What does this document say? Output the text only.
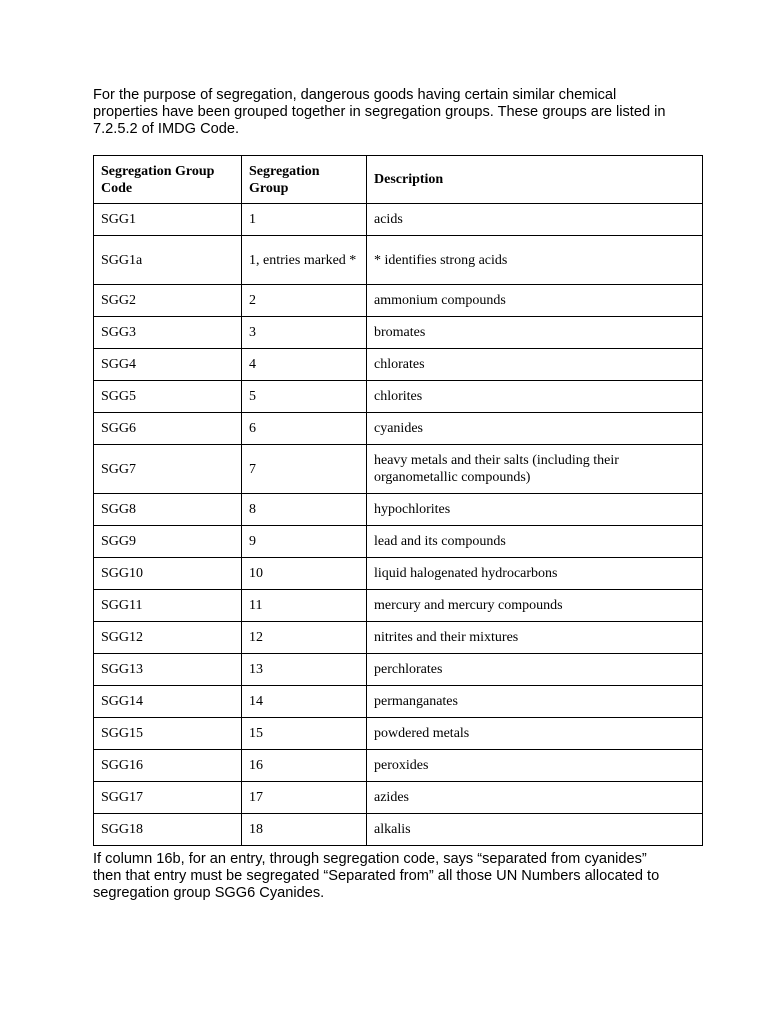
For the purpose of segregation, dangerous goods having certain similar chemical properties have been grouped together in segregation groups. These groups are listed in 7.2.5.2 of IMDG Code.

Segregation Group Code	Segregation Group	Description
SGG1	1	acids
SGG1a	1, entries marked *	* identifies strong acids
SGG2	2	ammonium compounds
SGG3	3	bromates
SGG4	4	chlorates
SGG5	5	chlorites
SGG6	6	cyanides
SGG7	7	heavy metals and their salts (including their organometallic compounds)
SGG8	8	hypochlorites
SGG9	9	lead and its compounds
SGG10	10	liquid halogenated hydrocarbons
SGG11	11	mercury and mercury compounds
SGG12	12	nitrites and their mixtures
SGG13	13	perchlorates
SGG14	14	permanganates
SGG15	15	powdered metals
SGG16	16	peroxides
SGG17	17	azides
SGG18	18	alkalis

If column 16b, for an entry, through segregation code, says “separated from cyanides” then that entry must be segregated “Separated from” all those UN Numbers allocated to segregation group SGG6 Cyanides.
